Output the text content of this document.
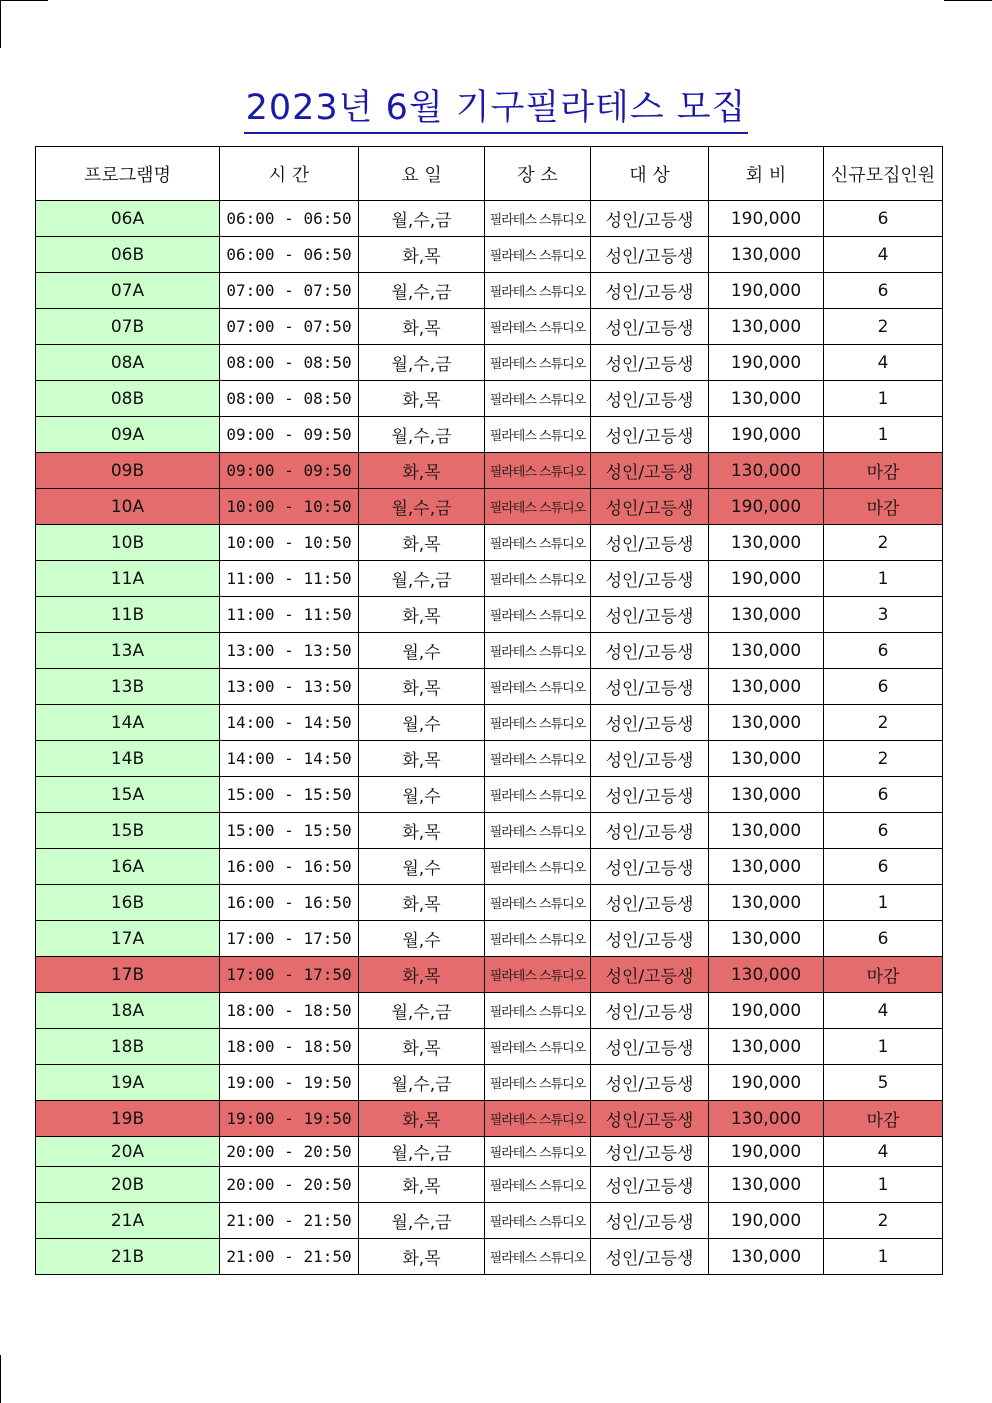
2023년 6월 기구필라테스 모집
프로그램명	시 간	요 일	장 소	대 상	회 비	신규모집인원
06A	06:00 - 06:50	월,수,금	필라테스 스튜디오	성인/고등생	190,000	6
06B	06:00 - 06:50	화,목	필라테스 스튜디오	성인/고등생	130,000	4
07A	07:00 - 07:50	월,수,금	필라테스 스튜디오	성인/고등생	190,000	6
07B	07:00 - 07:50	화,목	필라테스 스튜디오	성인/고등생	130,000	2
08A	08:00 - 08:50	월,수,금	필라테스 스튜디오	성인/고등생	190,000	4
08B	08:00 - 08:50	화,목	필라테스 스튜디오	성인/고등생	130,000	1
09A	09:00 - 09:50	월,수,금	필라테스 스튜디오	성인/고등생	190,000	1
09B	09:00 - 09:50	화,목	필라테스 스튜디오	성인/고등생	130,000	마감
10A	10:00 - 10:50	월,수,금	필라테스 스튜디오	성인/고등생	190,000	마감
10B	10:00 - 10:50	화,목	필라테스 스튜디오	성인/고등생	130,000	2
11A	11:00 - 11:50	월,수,금	필라테스 스튜디오	성인/고등생	190,000	1
11B	11:00 - 11:50	화,목	필라테스 스튜디오	성인/고등생	130,000	3
13A	13:00 - 13:50	월,수	필라테스 스튜디오	성인/고등생	130,000	6
13B	13:00 - 13:50	화,목	필라테스 스튜디오	성인/고등생	130,000	6
14A	14:00 - 14:50	월,수	필라테스 스튜디오	성인/고등생	130,000	2
14B	14:00 - 14:50	화,목	필라테스 스튜디오	성인/고등생	130,000	2
15A	15:00 - 15:50	월,수	필라테스 스튜디오	성인/고등생	130,000	6
15B	15:00 - 15:50	화,목	필라테스 스튜디오	성인/고등생	130,000	6
16A	16:00 - 16:50	월,수	필라테스 스튜디오	성인/고등생	130,000	6
16B	16:00 - 16:50	화,목	필라테스 스튜디오	성인/고등생	130,000	1
17A	17:00 - 17:50	월,수	필라테스 스튜디오	성인/고등생	130,000	6
17B	17:00 - 17:50	화,목	필라테스 스튜디오	성인/고등생	130,000	마감
18A	18:00 - 18:50	월,수,금	필라테스 스튜디오	성인/고등생	190,000	4
18B	18:00 - 18:50	화,목	필라테스 스튜디오	성인/고등생	130,000	1
19A	19:00 - 19:50	월,수,금	필라테스 스튜디오	성인/고등생	190,000	5
19B	19:00 - 19:50	화,목	필라테스 스튜디오	성인/고등생	130,000	마감
20A	20:00 - 20:50	월,수,금	필라테스 스튜디오	성인/고등생	190,000	4
20B	20:00 - 20:50	화,목	필라테스 스튜디오	성인/고등생	130,000	1
21A	21:00 - 21:50	월,수,금	필라테스 스튜디오	성인/고등생	190,000	2
21B	21:00 - 21:50	화,목	필라테스 스튜디오	성인/고등생	130,000	1
